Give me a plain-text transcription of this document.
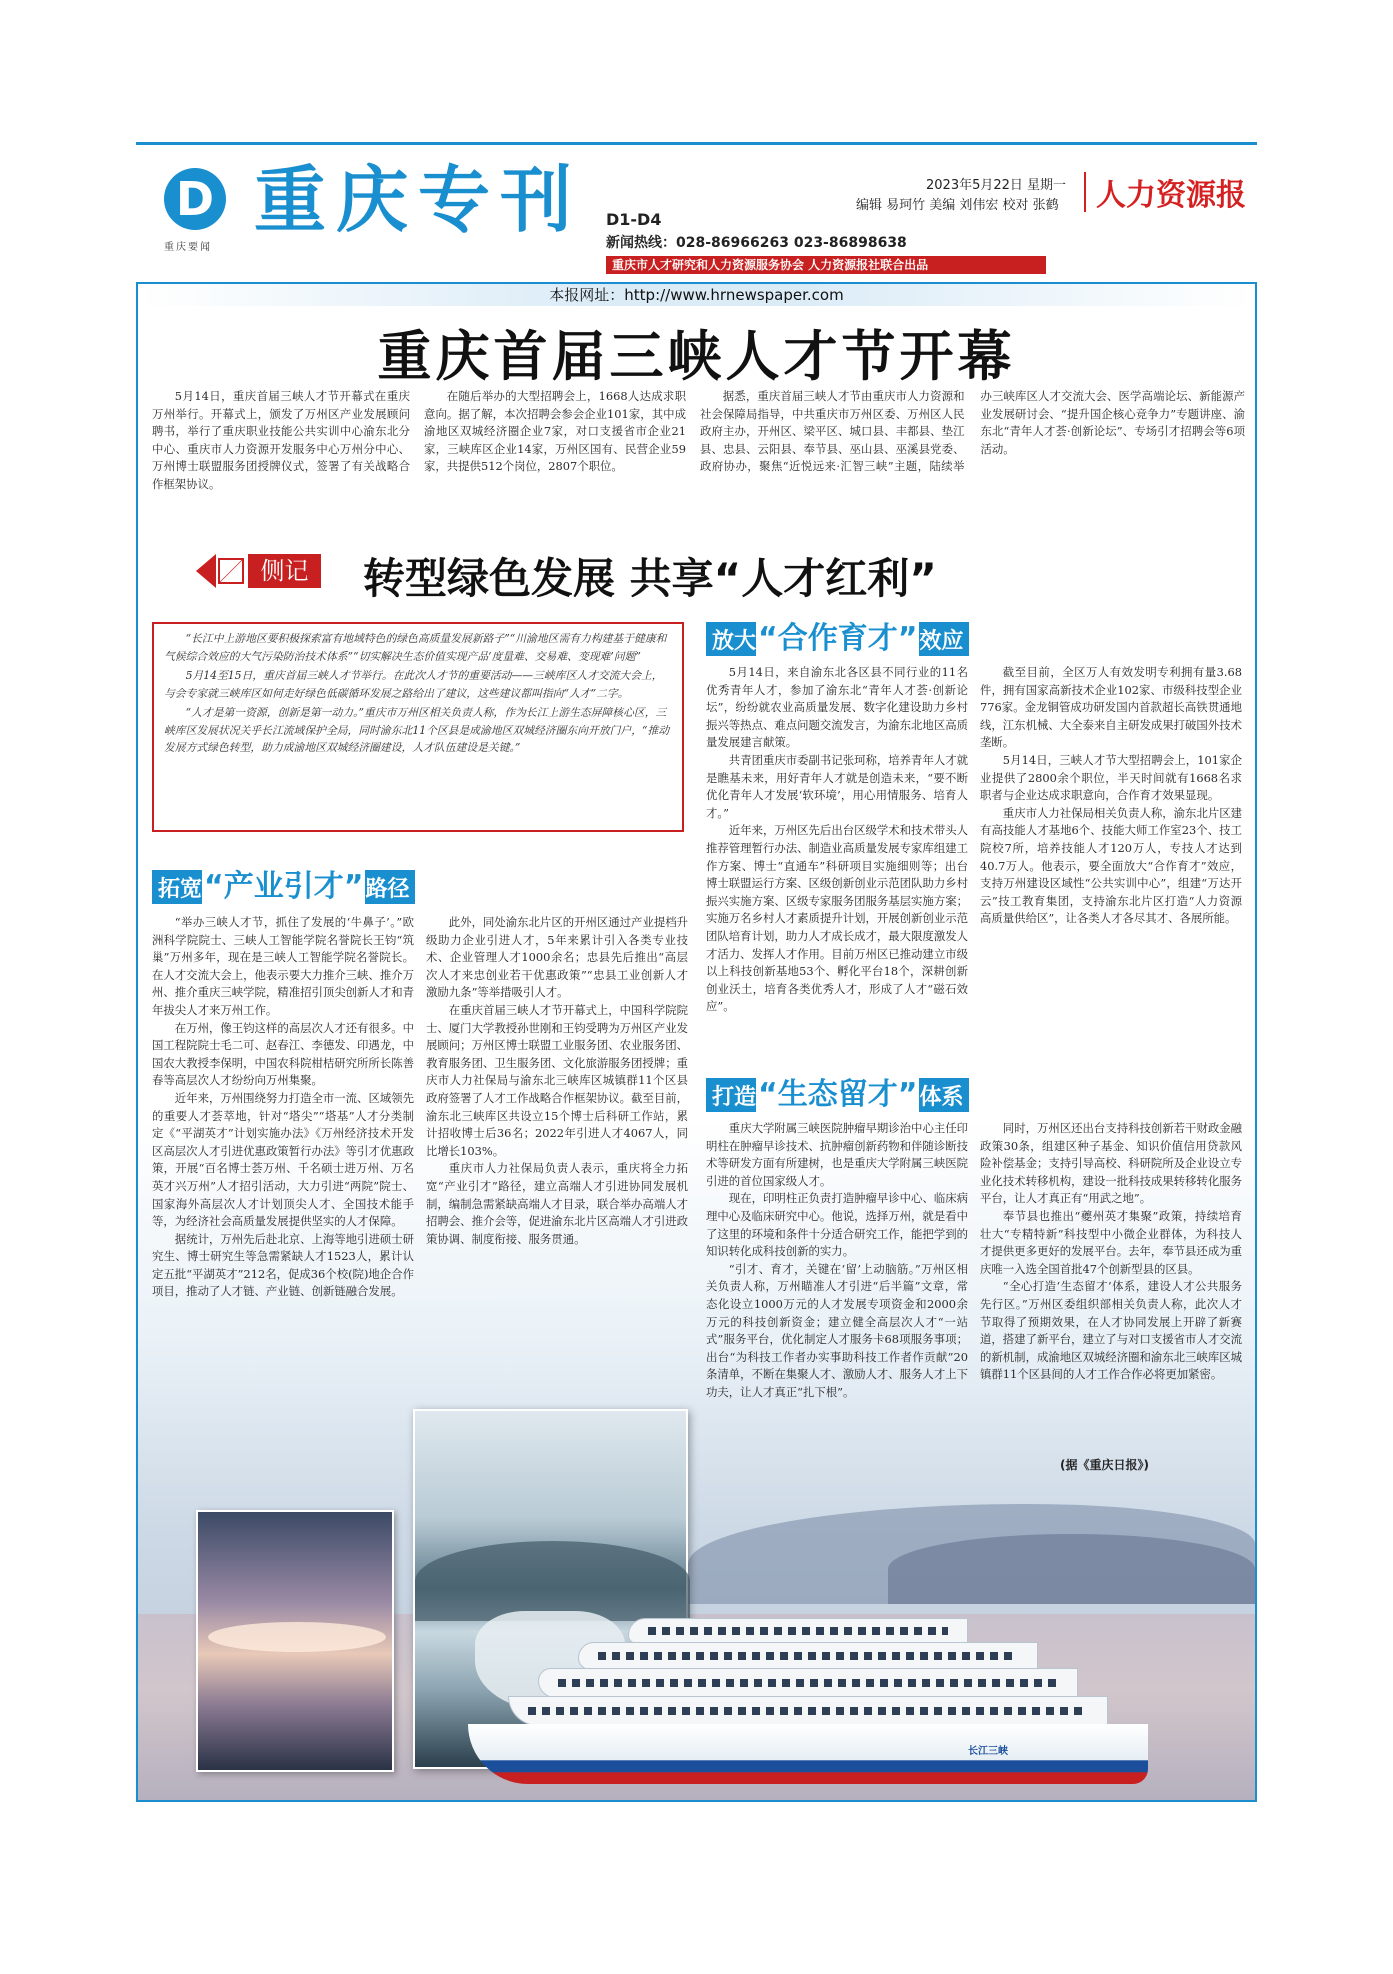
D
重庆要闻
重庆专刊 D1-D4
新闻热线：028-86966263 023-86898638
2023年5月22日 星期一
编辑 易珂竹 美编 刘伟宏 校对 张鹤 人力资源报
重庆市人才研究和人力资源服务协会 人力资源报社联合出品
本报网址：http://www.hrnewspaper.com
重庆首届三峡人才节开幕

5月14日，重庆首届三峡人才节开幕式在重庆万州举行。开幕式上，颁发了万州区产业发展顾问聘书，举行了重庆职业技能公共实训中心渝东北分中心、重庆市人力资源开发服务中心万州分中心、万州博士联盟服务团授牌仪式，签署了有关战略合作框架协议。

在随后举办的大型招聘会上，1668人达成求职意向。据了解，本次招聘会参会企业101家，其中成渝地区双城经济圈企业7家，对口支援省市企业21家，三峡库区企业14家，万州区国有、民营企业59家，共提供512个岗位，2807个职位。

据悉，重庆首届三峡人才节由重庆市人力资源和社会保障局指导，中共重庆市万州区委、万州区人民政府主办，开州区、梁平区、城口县、丰都县、垫江县、忠县、云阳县、奉节县、巫山县、巫溪县党委、政府协办，聚焦“近悦远来·汇智三峡”主题，陆续举办三峡库区人才交流大会、医学高端论坛、新能源产业发展研讨会、“提升国企核心竞争力”专题讲座、渝东北“青年人才荟·创新论坛”、专场引才招聘会等6项活动。

侧记 转型绿色发展 共享“人才红利”

“长江中上游地区要积极探索富有地域特色的绿色高质量发展新路子”“川渝地区需有力构建基于健康和气候综合效应的大气污染防治技术体系”“切实解决生态价值实现产品‘度量难、交易难、变现难’问题”

5月14至15日，重庆首届三峡人才节举行。在此次人才节的重要活动——三峡库区人才交流大会上，与会专家就三峡库区如何走好绿色低碳循环发展之路给出了建议，这些建议都叫指向“人才”二字。

“人才是第一资源，创新是第一动力。”重庆市万州区相关负责人称，作为长江上游生态屏障核心区，三峡库区发展状况关乎长江流域保护全局，同时渝东北11个区县是成渝地区双城经济圈东向开放门户，“推动发展方式绿色转型，助力成渝地区双城经济圈建设，人才队伍建设是关键。”

拓宽“产业引才”路径

“举办三峡人才节，抓住了发展的‘牛鼻子’。”欧洲科学院院士、三峡人工智能学院名誉院长王钧“筑巢”万州多年，现在是三峡人工智能学院名誉院长。在人才交流大会上，他表示要大力推介三峡、推介万州、推介重庆三峡学院，精准招引顶尖创新人才和青年拔尖人才来万州工作。

在万州，像王钧这样的高层次人才还有很多。中国工程院院士毛二可、赵春江、李德发、印遇龙，中国农大教授李保明，中国农科院柑桔研究所所长陈善春等高层次人才纷纷向万州集聚。

近年来，万州围绕努力打造全市一流、区域领先的重要人才荟萃地，针对“塔尖”“塔基”人才分类制定《“平湖英才”计划实施办法》《万州经济技术开发区高层次人才引进优惠政策暂行办法》等引才优惠政策，开展“百名博士荟万州、千名硕士进万州、万名英才兴万州”人才招引活动，大力引进“两院”院士、国家海外高层次人才计划顶尖人才、全国技术能手等，为经济社会高质量发展提供坚实的人才保障。

据统计，万州先后赴北京、上海等地引进硕士研究生、博士研究生等急需紧缺人才1523人，累计认定五批“平湖英才”212名，促成36个校(院)地企合作项目，推动了人才链、产业链、创新链融合发展。

此外，同处渝东北片区的开州区通过产业提档升级助力企业引进人才，5年来累计引入各类专业技术、企业管理人才1000余名；忠县先后推出“高层次人才来忠创业若干优惠政策”“忠县工业创新人才激励九条”等举措吸引人才。

在重庆首届三峡人才节开幕式上，中国科学院院士、厦门大学教授孙世刚和王钧受聘为万州区产业发展顾问；万州区博士联盟工业服务团、农业服务团、教育服务团、卫生服务团、文化旅游服务团授牌；重庆市人力社保局与渝东北三峡库区城镇群11个区县政府签署了人才工作战略合作框架协议。截至目前，渝东北三峡库区共设立15个博士后科研工作站，累计招收博士后36名；2022年引进人才4067人，同比增长103%。

重庆市人力社保局负责人表示，重庆将全力拓宽“产业引才”路径，建立高端人才引进协同发展机制，编制急需紧缺高端人才目录，联合举办高端人才招聘会、推介会等，促进渝东北片区高端人才引进政策协调、制度衔接、服务贯通。

放大“合作育才”效应

5月14日，来自渝东北各区县不同行业的11名优秀青年人才，参加了渝东北“青年人才荟·创新论坛”，纷纷就农业高质量发展、数字化建设助力乡村振兴等热点、难点问题交流发言，为渝东北地区高质量发展建言献策。

共青团重庆市委副书记张珂称，培养青年人才就是瞧基未来，用好青年人才就是创造未来，“要不断优化青年人才发展‘软环境’，用心用情服务、培育人才。”

近年来，万州区先后出台区级学术和技术带头人推荐管理暂行办法、制造业高质量发展专家库组建工作方案、博士“直通车”科研项目实施细则等；出台博士联盟运行方案、区级创新创业示范团队助力乡村振兴实施方案、区级专家服务团服务基层实施方案；实施万名乡村人才素质提升计划，开展创新创业示范团队培育计划，助力人才成长成才，最大限度激发人才活力、发挥人才作用。目前万州区已推动建立市级以上科技创新基地53个、孵化平台18个，深耕创新创业沃土，培育各类优秀人才，形成了人才“磁石效应”。

截至目前，全区万人有效发明专利拥有量3.68件，拥有国家高新技术企业102家、市级科技型企业776家。金龙铜管成功研发国内首款超长高铁贯通地线，江东机械、大全泰来自主研发成果打破国外技术垄断。

5月14日，三峡人才节大型招聘会上，101家企业提供了2800余个职位，半天时间就有1668名求职者与企业达成求职意向，合作育才效果显现。

重庆市人力社保局相关负责人称，渝东北片区建有高技能人才基地6个、技能大师工作室23个、技工院校7所，培养技能人才120万人，专技人才达到40.7万人。他表示，要全面放大“合作育才”效应，支持万州建设区域性“公共实训中心”，组建“万达开云”技工教育集团，支持渝东北片区打造“人力资源高质量供给区”，让各类人才各尽其才、各展所能。

打造“生态留才”体系

重庆大学附属三峡医院肿瘤早期诊治中心主任印明柱在肿瘤早诊技术、抗肿瘤创新药物和伴随诊断技术等研发方面有所建树，也是重庆大学附属三峡医院引进的首位国家级人才。

现在，印明柱正负责打造肿瘤早诊中心、临床病理中心及临床研究中心。他说，选择万州，就是看中了这里的环境和条件十分适合研究工作，能把学到的知识转化成科技创新的实力。

“引才、育才，关键在‘留’上动脑筋。”万州区相关负责人称，万州瞄准人才引进“后半篇”文章，常态化设立1000万元的人才发展专项资金和2000余万元的科技创新资金；建立健全高层次人才“一站式”服务平台，优化制定人才服务卡68项服务事项；出台“为科技工作者办实事助科技工作者作贡献”20条清单，不断在集聚人才、激励人才、服务人才上下功夫，让人才真正“扎下根”。

同时，万州区还出台支持科技创新若干财政金融政策30条，组建区种子基金、知识价值信用贷款风险补偿基金；支持引导高校、科研院所及企业设立专业化技术转移机构，建设一批科技成果转移转化服务平台，让人才真正有“用武之地”。

奉节县也推出“夔州英才集聚”政策，持续培育壮大“专精特新”科技型中小微企业群体，为科技人才提供更多更好的发展平台。去年，奉节县还成为重庆唯一入选全国首批47个创新型县的区县。

“全心打造‘生态留才’体系，建设人才公共服务先行区。”万州区委组织部相关负责人称，此次人才节取得了预期效果，在人才协同发展上开辟了新赛道，搭建了新平台，建立了与对口支援省市人才交流的新机制，成渝地区双城经济圈和渝东北三峡库区城镇群11个区县间的人才工作合作必将更加紧密。

(据《重庆日报》)
长江三峡
